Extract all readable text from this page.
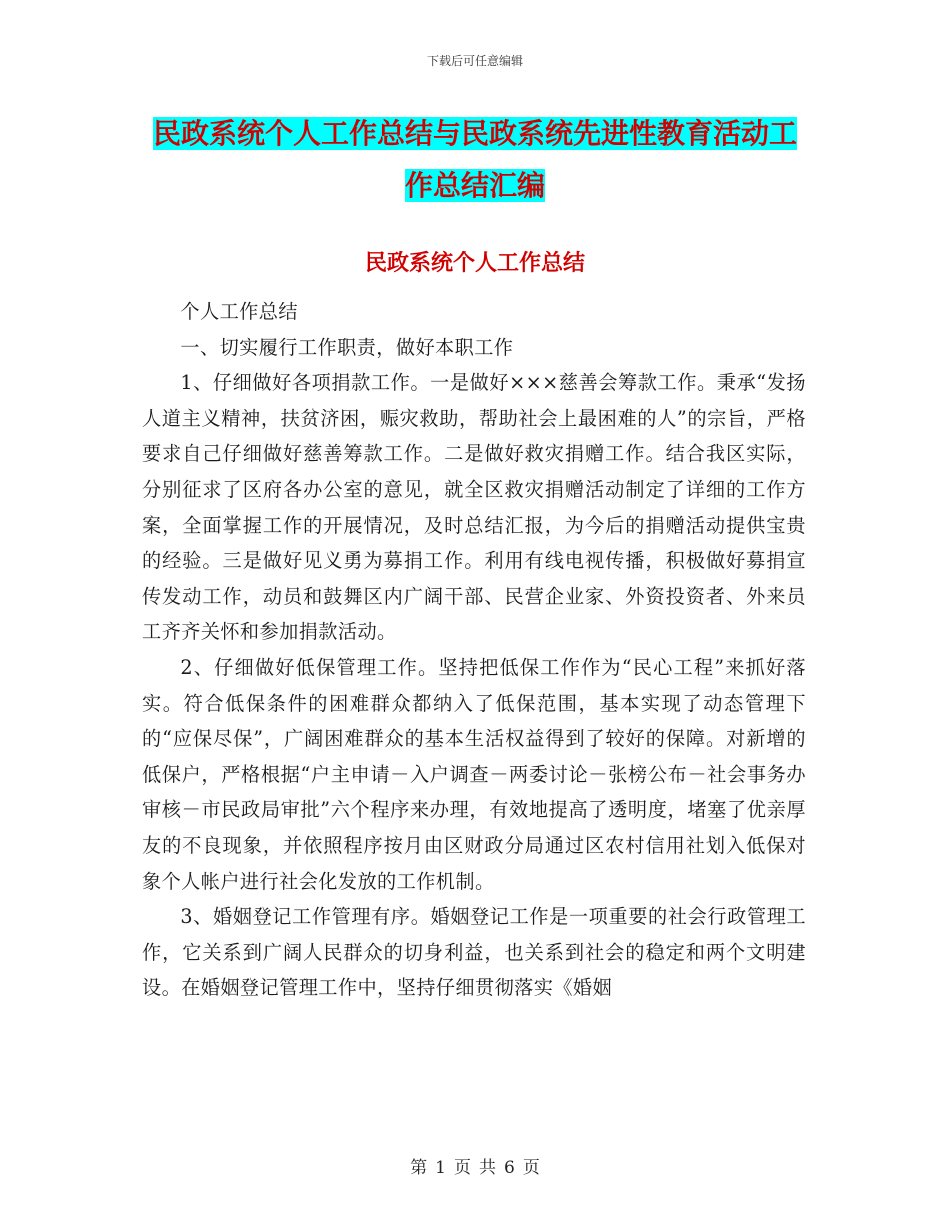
下载后可任意编辑
民政系统个人工作总结与民政系统先进性教育活动工作总结汇编
民政系统个人工作总结

个人工作总结

一、切实履行工作职责，做好本职工作

1、仔细做好各项捐款工作。一是做好×××慈善会筹款工作。秉承“发扬人道主义精神，扶贫济困，赈灾救助，帮助社会上最困难的人”的宗旨，严格要求自己仔细做好慈善筹款工作。二是做好救灾捐赠工作。结合我区实际，分别征求了区府各办公室的意见，就全区救灾捐赠活动制定了详细的工作方案，全面掌握工作的开展情况，及时总结汇报，为今后的捐赠活动提供宝贵的经验。三是做好见义勇为募捐工作。利用有线电视传播，积极做好募捐宣传发动工作，动员和鼓舞区内广阔干部、民营企业家、外资投资者、外来员工齐齐关怀和参加捐款活动。

2、仔细做好低保管理工作。坚持把低保工作作为“民心工程”来抓好落实。符合低保条件的困难群众都纳入了低保范围，基本实现了动态管理下的“应保尽保”，广阔困难群众的基本生活权益得到了较好的保障。对新增的低保户，严格根据“户主申请－入户调查－两委讨论－张榜公布－社会事务办审核－市民政局审批”六个程序来办理，有效地提高了透明度，堵塞了优亲厚友的不良现象，并依照程序按月由区财政分局通过区农村信用社划入低保对象个人帐户进行社会化发放的工作机制。

3、婚姻登记工作管理有序。婚姻登记工作是一项重要的社会行政管理工作，它关系到广阔人民群众的切身利益，也关系到社会的稳定和两个文明建设。在婚姻登记管理工作中，坚持仔细贯彻落实《婚姻

第 1 页 共 6 页
